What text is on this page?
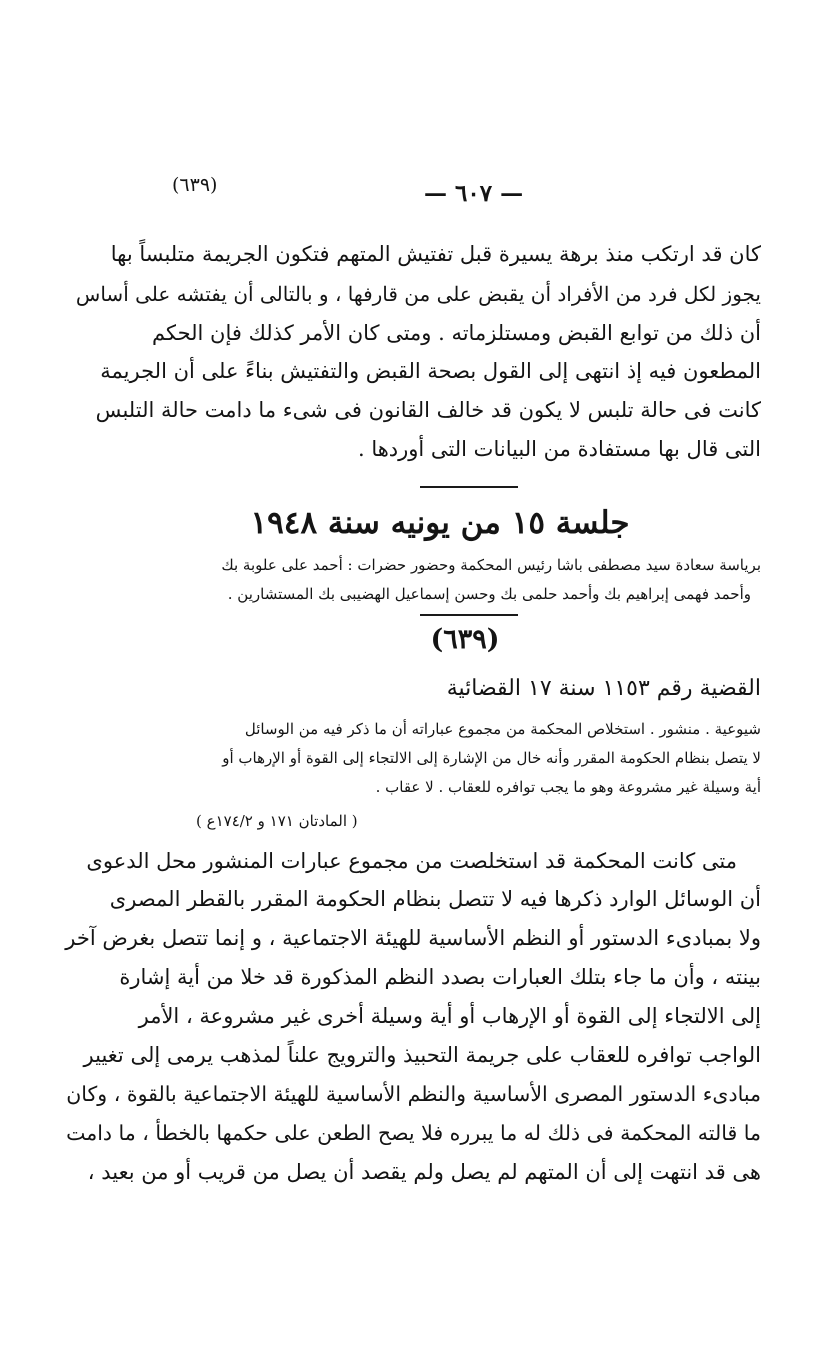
(٦٣٩)	— ٦٠٧ —
كان قد ارتكب منذ برهة يسيرة قبل تفتيش المتهم فتكون الجريمة متلبساً بها
يجوز لكل فرد من الأفراد أن يقبض على من قارفها ، و بالتالى أن يفتشه على أساس
أن ذلك من توابع القبض ومستلزماته . ومتى كان الأمر كذلك فإن الحكم
المطعون فيه إذ انتهى إلى القول بصحة القبض والتفتيش بناءً على أن الجريمة
كانت فى حالة تلبس لا يكون قد خالف القانون فى شىء ما دامت حالة التلبس
التى قال بها مستفادة من البيانات التى أوردها .
جلسة ١٥ من يونيه سنة ١٩٤٨
برياسة سعادة سيد مصطفى باشا رئيس المحكمة وحضور حضرات : أحمد على علوبة بك
وأحمد فهمى إبراهيم بك وأحمد حلمى بك وحسن إسماعيل الهضيبى بك المستشارين .
(٦٣٩)
القضية رقم ١١٥٣ سنة ١٧ القضائية
شيوعية . منشور . استخلاص المحكمة من مجموع عباراته أن ما ذكر فيه من الوسائل
لا يتصل بنظام الحكومة المقرر وأنه خال من الإشارة إلى الالتجاء إلى القوة أو الإرهاب أو
أية وسيلة غير مشروعة وهو ما يجب توافره للعقاب . لا عقاب .
( المادتان ١٧١ و ١٧٤/٢ع )
متى كانت المحكمة قد استخلصت من مجموع عبارات المنشور محل الدعوى
أن الوسائل الوارد ذكرها فيه لا تتصل بنظام الحكومة المقرر بالقطر المصرى
ولا بمبادىء الدستور أو النظم الأساسية للهيئة الاجتماعية ، و إنما تتصل بغرض آخر
بينته ، وأن ما جاء بتلك العبارات بصدد النظم المذكورة قد خلا من أية إشارة
إلى الالتجاء إلى القوة أو الإرهاب أو أية وسيلة أخرى غير مشروعة ، الأمر
الواجب توافره للعقاب على جريمة التحبيذ والترويج علناً لمذهب يرمى إلى تغيير
مبادىء الدستور المصرى الأساسية والنظم الأساسية للهيئة الاجتماعية بالقوة ، وكان
ما قالته المحكمة فى ذلك له ما يبرره فلا يصح الطعن على حكمها بالخطأ ، ما دامت
هى قد انتهت إلى أن المتهم لم يصل ولم يقصد أن يصل من قريب أو من بعيد ،
